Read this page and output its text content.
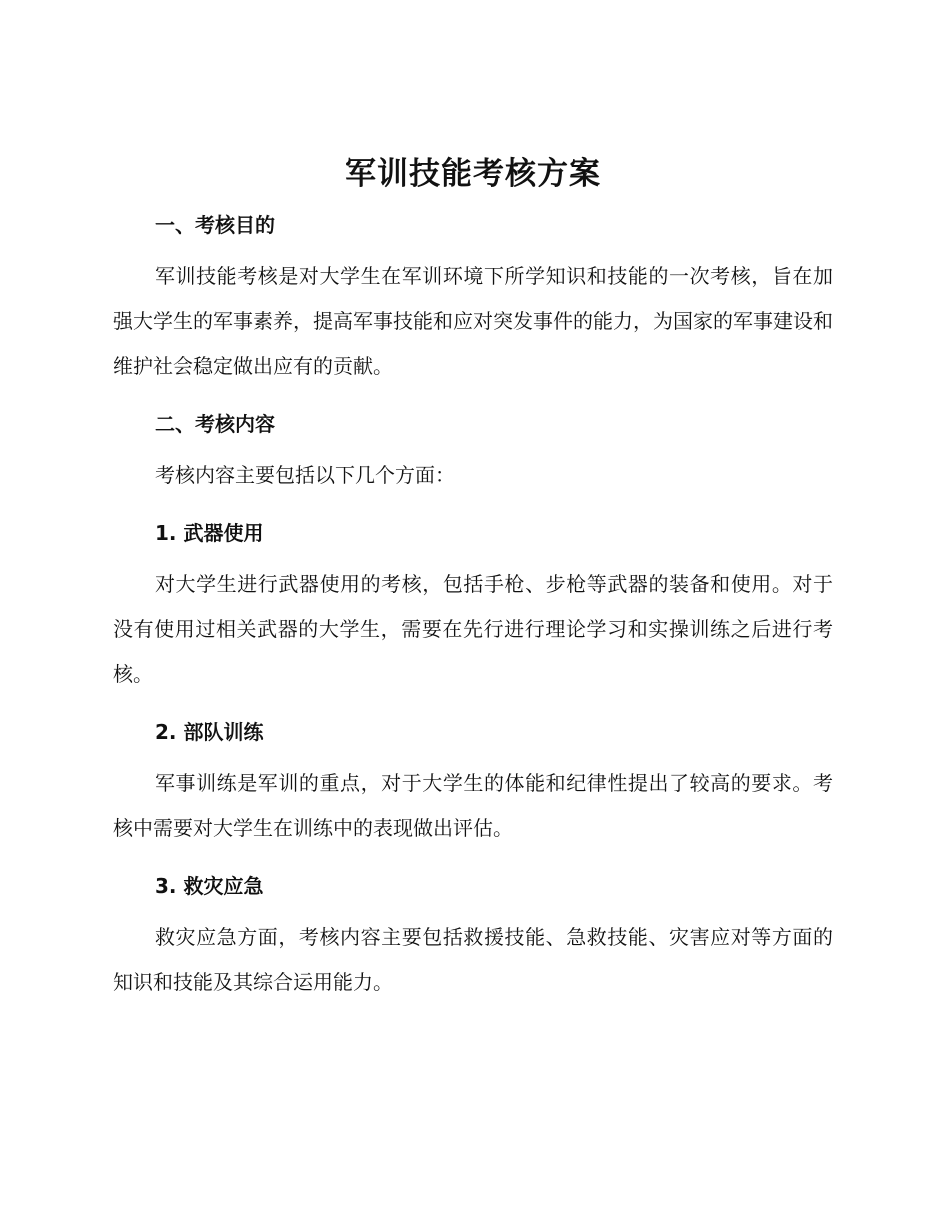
军训技能考核方案
一、考核目的

军训技能考核是对大学生在军训环境下所学知识和技能的一次考核，旨在加强大学生的军事素养，提高军事技能和应对突发事件的能力，为国家的军事建设和维护社会稳定做出应有的贡献。

二、考核内容

考核内容主要包括以下几个方面：

1. 武器使用

对大学生进行武器使用的考核，包括手枪、步枪等武器的装备和使用。对于没有使用过相关武器的大学生，需要在先行进行理论学习和实操训练之后进行考核。

2. 部队训练

军事训练是军训的重点，对于大学生的体能和纪律性提出了较高的要求。考核中需要对大学生在训练中的表现做出评估。

3. 救灾应急

救灾应急方面，考核内容主要包括救援技能、急救技能、灾害应对等方面的知识和技能及其综合运用能力。
